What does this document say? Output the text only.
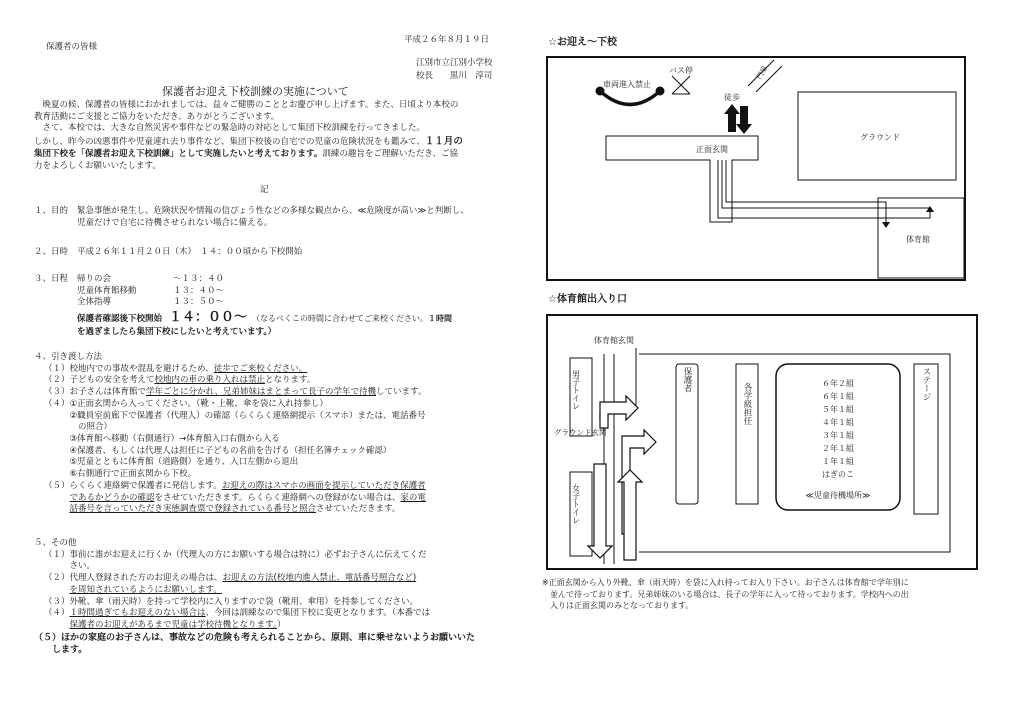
保護者の皆様
平成２６年８月１９日
江別市立江別小学校
校長 黒川　淳司
保護者お迎え下校訓練の実施について
　晩夏の候、保護者の皆様におかれましては、益々ご健勝のこととお慶び申し上げます。また、日頃より本校の
教育活動にご支援とご協力をいただき、ありがとうございます。
　さて、本校では、大きな自然災害や事件などの緊急時の対応として集団下校訓練を行ってきました。
しかし、昨今の凶悪事件や児童連れ去り事件など、集団下校後の自宅での児童の危険状況をも鑑みて、１１月の
集団下校を「保護者お迎え下校訓練」として実施したいと考えております。訓練の趣旨をご理解いただき、ご協
力をよろしくお願いいたします。
記
１、目的	緊急事態が発生し、危険状況や情報の信ぴょう性などの多様な観点から、≪危険度が高い≫と判断し、
児童だけで自宅に待機させられない場合に備える。
２、日時	平成２６年１１月２０日（木）　１４：００頃から下校開始
３、日程	帰りの会	～１３：４０
児童体育館移動	１３：４０～
全体指導	１３：５０～
保護者確認後下校開始 １４：００～ （なるべくこの時間に合わせてご来校ください。 １時間
を過ぎましたら集団下校にしたいと考えています。）
４、引き渡し方法
（１） 校地内での事故や混乱を避けるため、徒歩でご来校ください。
（２） 子どもの安全を考えて校地内の車の乗り入れは禁止となります。
（３） お子さんは体育館で学年ごとに分かれ、兄弟姉妹はまとまって長子の学年で待機しています。
（４） ①正面玄関から入ってください。（靴・上靴、傘を袋に入れ持参し）
②職員室前廊下で保護者（代理人）の確認（らくらく連絡網提示（スマホ）または、電話番号
　の照合）
③体育館へ移動（右側通行）→体育館入口右側から入る
④保護者、もしくは代理人は担任に子どもの名前を告げる（担任名簿チェック確認）
⑤児童とともに体育館（道路側）を通り、入口左側から退出
⑥右側通行で正面玄関から下校。
（５） らくらく連絡網で保護者に発信します。お迎えの際はスマホの画面を提示していただき保護者
であるかどうかの確認をさせていただきます。らくらく連絡網への登録がない場合は、家の電
話番号を言っていただき実態調査票で登録されている番号と照合させていただきます。
５、その他
（１） 事前に誰がお迎えに行くか（代理人の方にお願いする場合は特に）必ずお子さんに伝えてくだ
さい。
（２） 代理人登録された方のお迎えの場合は、お迎えの方法(校地内進入禁止、電話番号照合など)
を周知されているようにお願いします。
（３） 外靴、傘（雨天時）を持って学校内に入りますので袋（靴用、傘用）を持参してください。
（４） １時間過ぎてもお迎えのない場合は、今回は訓練なので集団下校に変更となります。（本番では
保護者のお迎えがあるまで児童は学校待機となります。）
（５）ほかの家庭のお子さんは、事故などの危険も考えられることから、原則、車に乗せないようお願いいた
　　します。
☆お迎え～下校
車両進入禁止
バス停	門扉
徒歩
正面玄関
グラウンド
体育館
☆体育館出入り口
体育館玄関
男子トイレ
グラウンド玄関
女子トイレ
保護者
各学級担任	６年２組
６年１組
５年１組
４年１組
３年１組
２年１組
１年１組
はぎのこ
≪児童待機場所≫
ステージ
※正面玄関から入り外靴、傘（雨天時）を袋に入れ持ってお入り下さい。お子さんは体育館で学年別に
並んで待っております。兄弟姉妹のいる場合は、長子の学年に入って待っております。学校内への出
入りは正面玄関のみとなっております。
